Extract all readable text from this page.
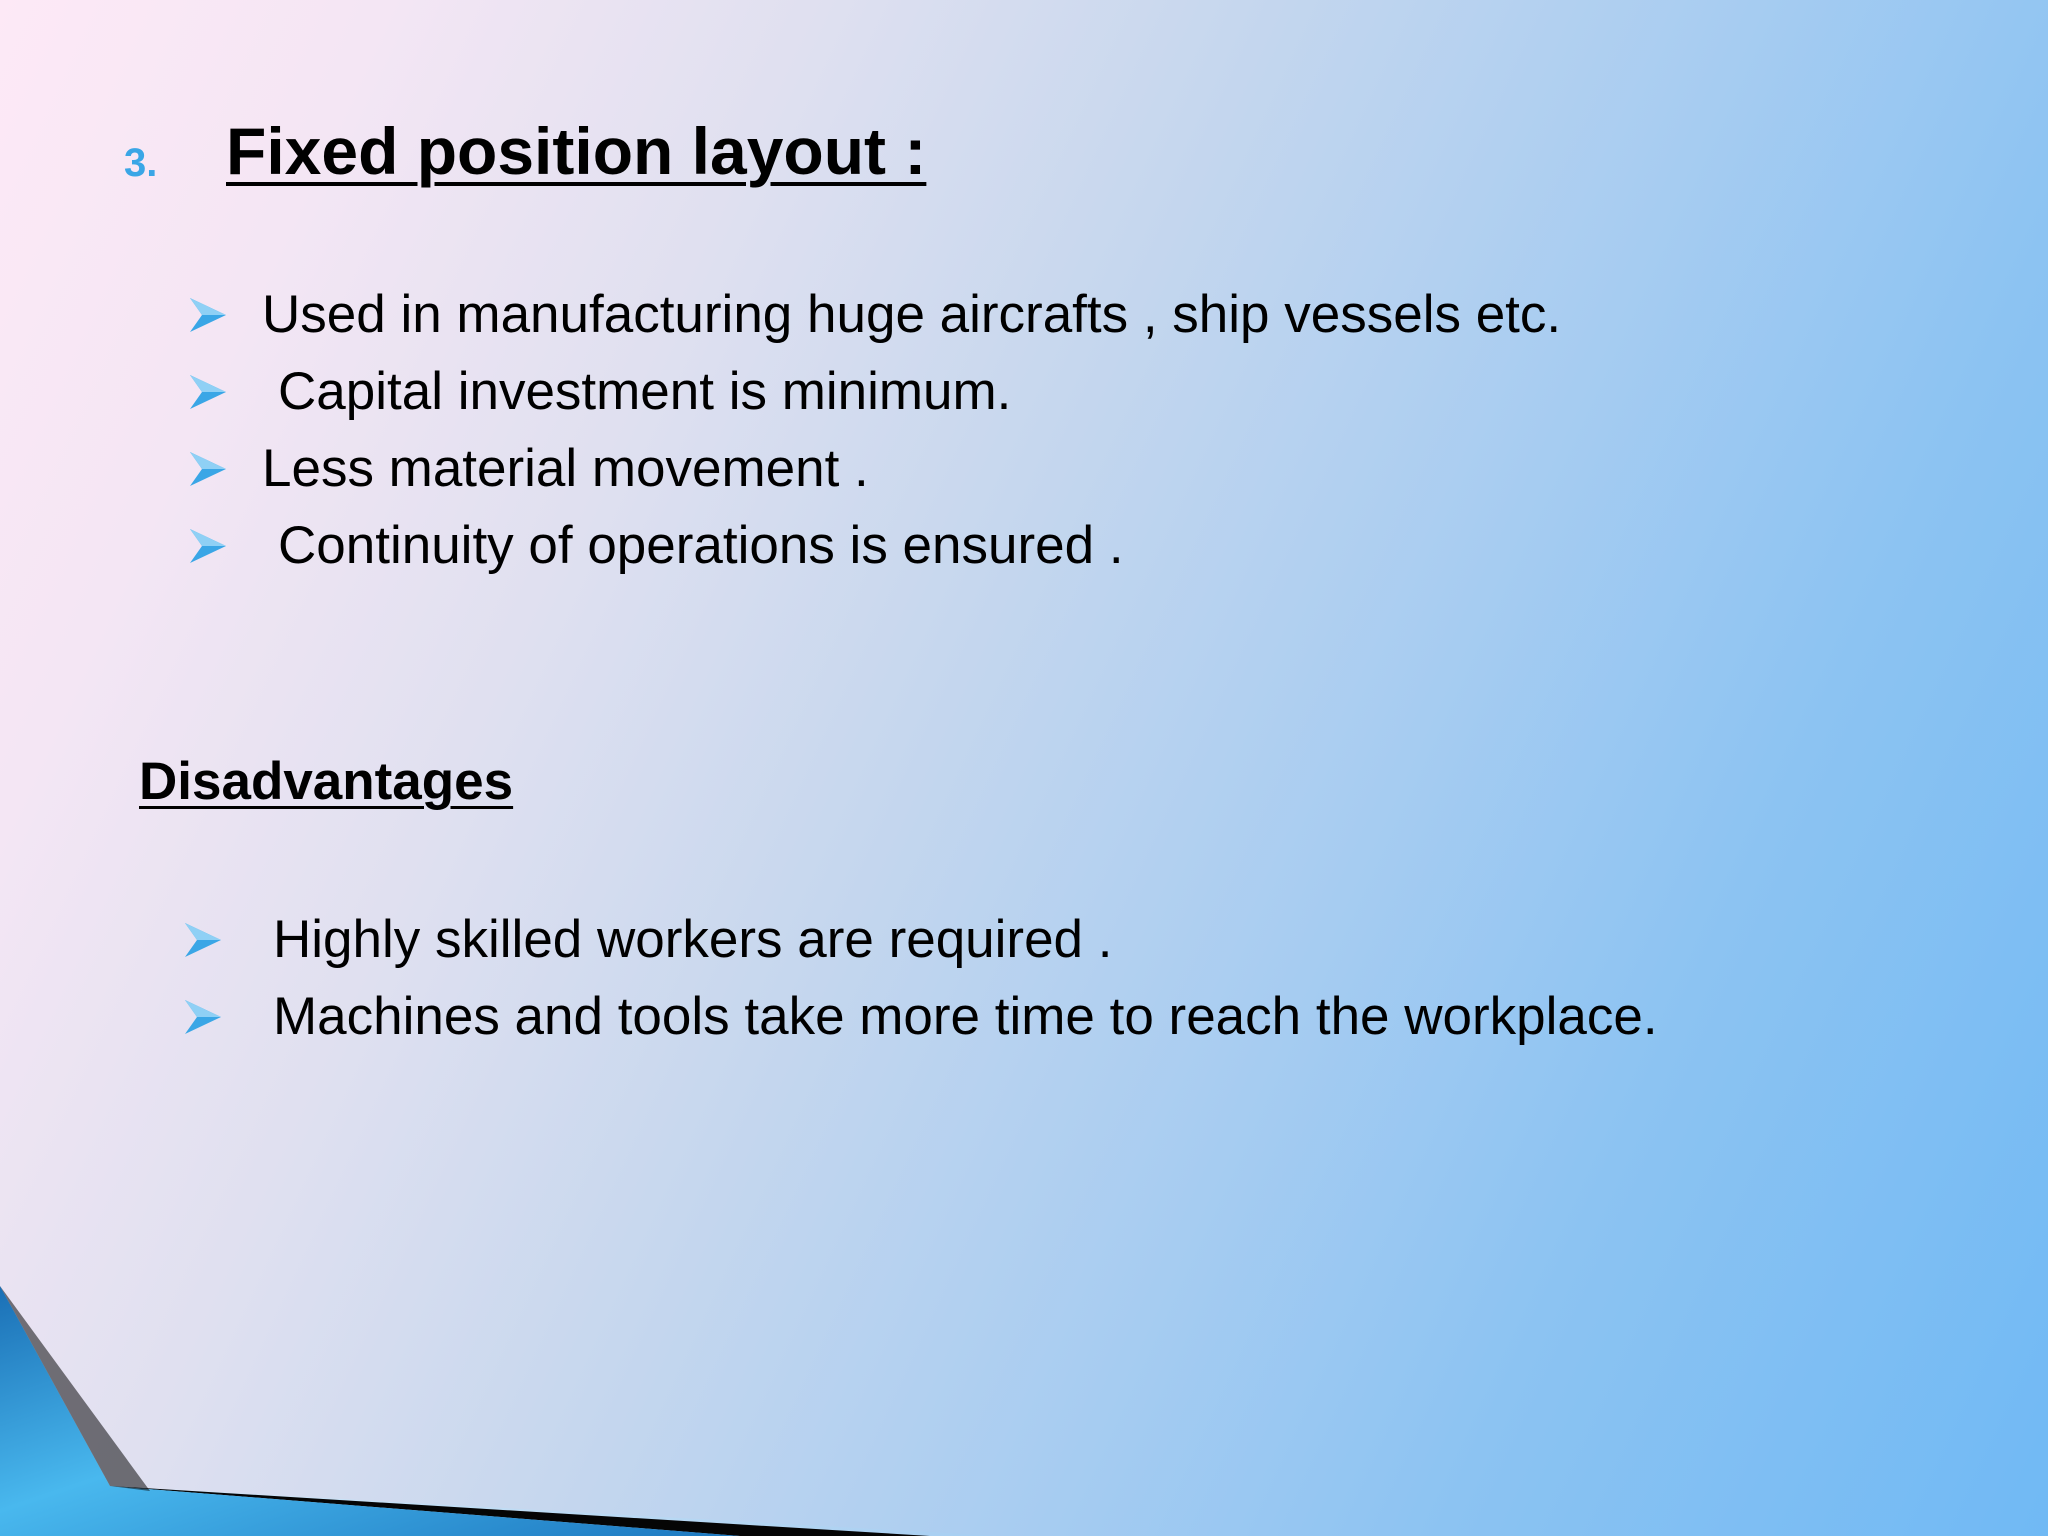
3. Fixed position layout :
Used in manufacturing huge aircrafts , ship vessels etc.
Capital investment is minimum.
Less material movement .
Continuity of operations is ensured .
Disadvantages
Highly skilled workers are required .
Machines and tools take more time to reach the workplace.
